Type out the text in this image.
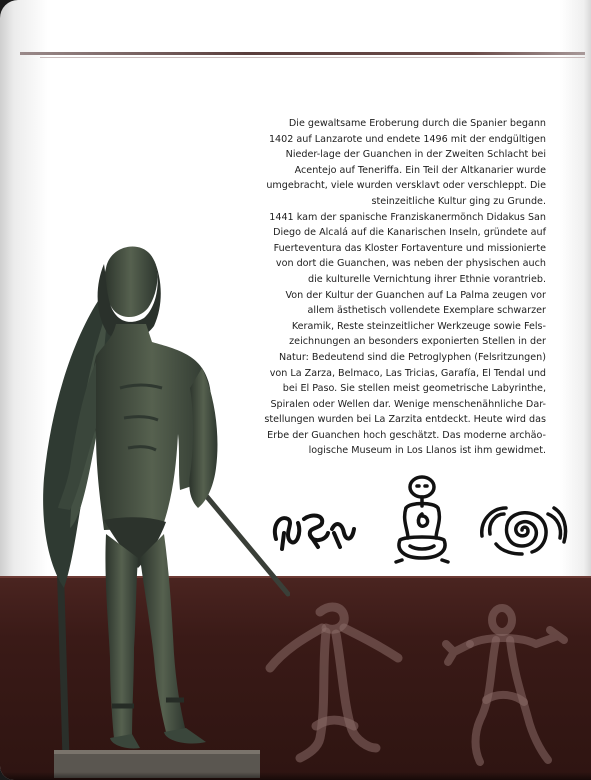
Die gewaltsame Eroberung durch die Spanier begann
1402 auf Lanzarote und endete 1496 mit der endgültigen
Nieder-lage der Guanchen in der Zweiten Schlacht bei
Acentejo auf Teneriffa. Ein Teil der Altkanarier wurde
umgebracht, viele wurden versklavt oder verschleppt. Die
steinzeitliche Kultur ging zu Grunde.
1441 kam der spanische Franziskanermönch Didakus San
Diego de Alcalá auf die Kanarischen Inseln, gründete auf
Fuerteventura das Kloster Fortaventure und missionierte
von dort die Guanchen, was neben der physischen auch
die kulturelle Vernichtung ihrer Ethnie vorantrieb.
Von der Kultur der Guanchen auf La Palma zeugen vor
allem ästhetisch vollendete Exemplare schwarzer
Keramik, Reste steinzeitlicher Werkzeuge sowie Fels-
zeichnungen an besonders exponierten Stellen in der
Natur: Bedeutend sind die Petroglyphen (Felsritzungen)
von La Zarza, Belmaco, Las Tricias, Garafía, El Tendal und
bei El Paso. Sie stellen meist geometrische Labyrinthe,
Spiralen oder Wellen dar. Wenige menschenähnliche Dar-
stellungen wurden bei La Zarzita entdeckt. Heute wird das
Erbe der Guanchen hoch geschätzt. Das moderne archäo-
logische Museum in Los Llanos ist ihm gewidmet.
